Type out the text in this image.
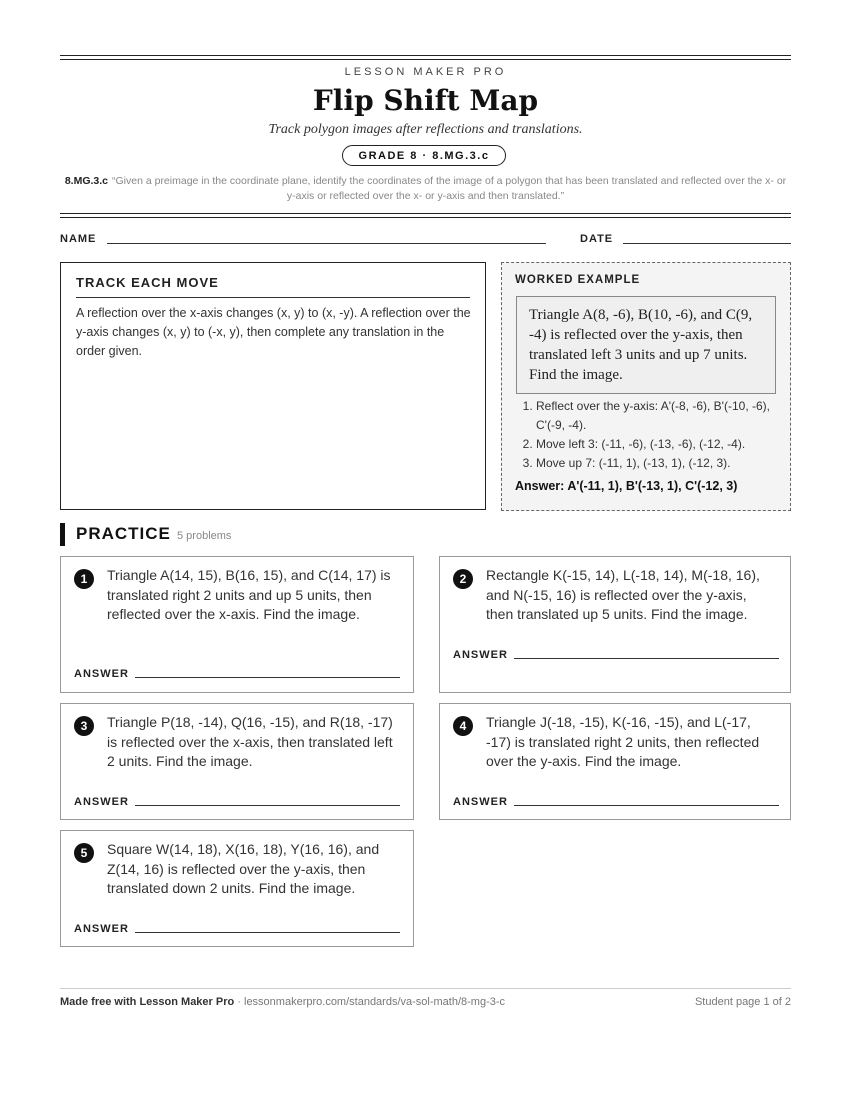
LESSON MAKER PRO
Flip Shift Map
Track polygon images after reflections and translations.
GRADE 8 · 8.MG.3.c
8.MG.3.c “Given a preimage in the coordinate plane, identify the coordinates of the image of a polygon that has been translated and reflected over the x- or y-axis or reflected over the x- or y-axis and then translated.”
NAME	DATE
TRACK EACH MOVE

A reflection over the x-axis changes (x, y) to (x, -y). A reflection over the y-axis changes (x, y) to (-x, y), then complete any translation in the order given.

WORKED EXAMPLE
Triangle A(8, -6), B(10, -6), and C(9, -4) is reflected over the y-axis, then translated left 3 units and up 7 units. Find the image.
1. Reflect over the y-axis: A'(-8, -6), B'(-10, -6), C'(-9, -4).
2. Move left 3: (-11, -6), (-13, -6), (-12, -4).
3. Move up 7: (-11, 1), (-13, 1), (-12, 3).
Answer: A'(-11, 1), B'(-13, 1), C'(-12, 3)
PRACTICE 5 problems
1	Triangle A(14, 15), B(16, 15), and C(14, 17) is translated right 2 units and up 5 units, then reflected over the x-axis. Find the image.
ANSWER
2	Rectangle K(-15, 14), L(-18, 14), M(-18, 16), and N(-15, 16) is reflected over the y-axis, then translated up 5 units. Find the image.
ANSWER
3	Triangle P(18, -14), Q(16, -15), and R(18, -17) is reflected over the x-axis, then translated left 2 units. Find the image.
ANSWER
4	Triangle J(-18, -15), K(-16, -15), and L(-17, -17) is translated right 2 units, then reflected over the y-axis. Find the image.
ANSWER
5	Square W(14, 18), X(16, 18), Y(16, 16), and Z(14, 16) is reflected over the y-axis, then translated down 2 units. Find the image.
ANSWER
Made free with Lesson Maker Pro · lessonmakerpro.com/standards/va-sol-math/8-mg-3-c	Student page 1 of 2
